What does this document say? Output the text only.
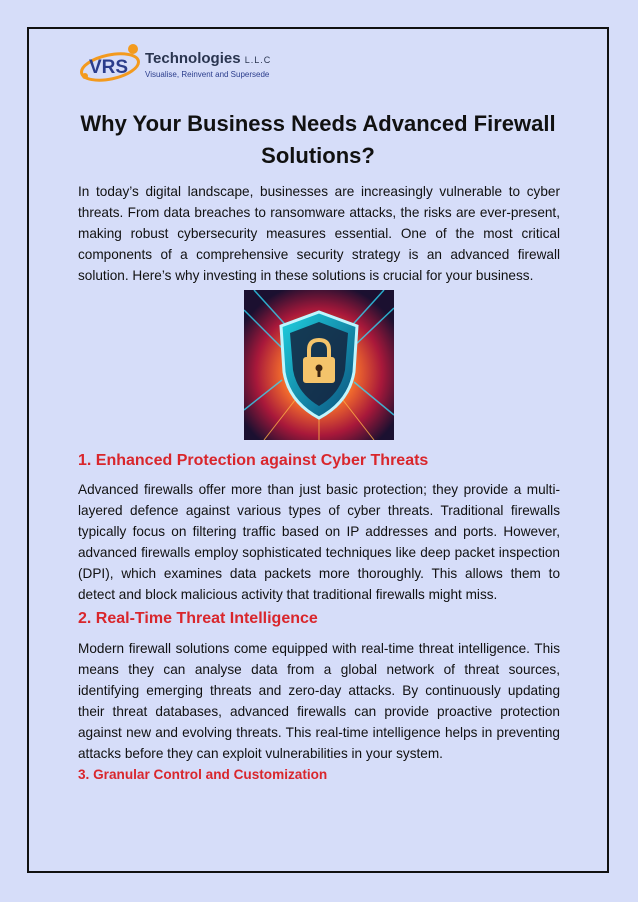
VRS Technologies L.L.C
Visualise, Reinvent and Supersede
Why Your Business Needs Advanced Firewall Solutions?

In today’s digital landscape, businesses are increasingly vulnerable to cyber threats. From data breaches to ransomware attacks, the risks are ever-present, making robust cybersecurity measures essential. One of the most critical components of a comprehensive security strategy is an advanced firewall solution. Here’s why investing in these solutions is crucial for your business.

1. Enhanced Protection against Cyber Threats

Advanced firewalls offer more than just basic protection; they provide a multi-layered defence against various types of cyber threats. Traditional firewalls typically focus on filtering traffic based on IP addresses and ports. However, advanced firewalls employ sophisticated techniques like deep packet inspection (DPI), which examines data packets more thoroughly. This allows them to detect and block malicious activity that traditional firewalls might miss.

2. Real-Time Threat Intelligence

Modern firewall solutions come equipped with real-time threat intelligence. This means they can analyse data from a global network of threat sources, identifying emerging threats and zero-day attacks. By continuously updating their threat databases, advanced firewalls can provide proactive protection against new and evolving threats. This real-time intelligence helps in preventing attacks before they can exploit vulnerabilities in your system.

3. Granular Control and Customization
